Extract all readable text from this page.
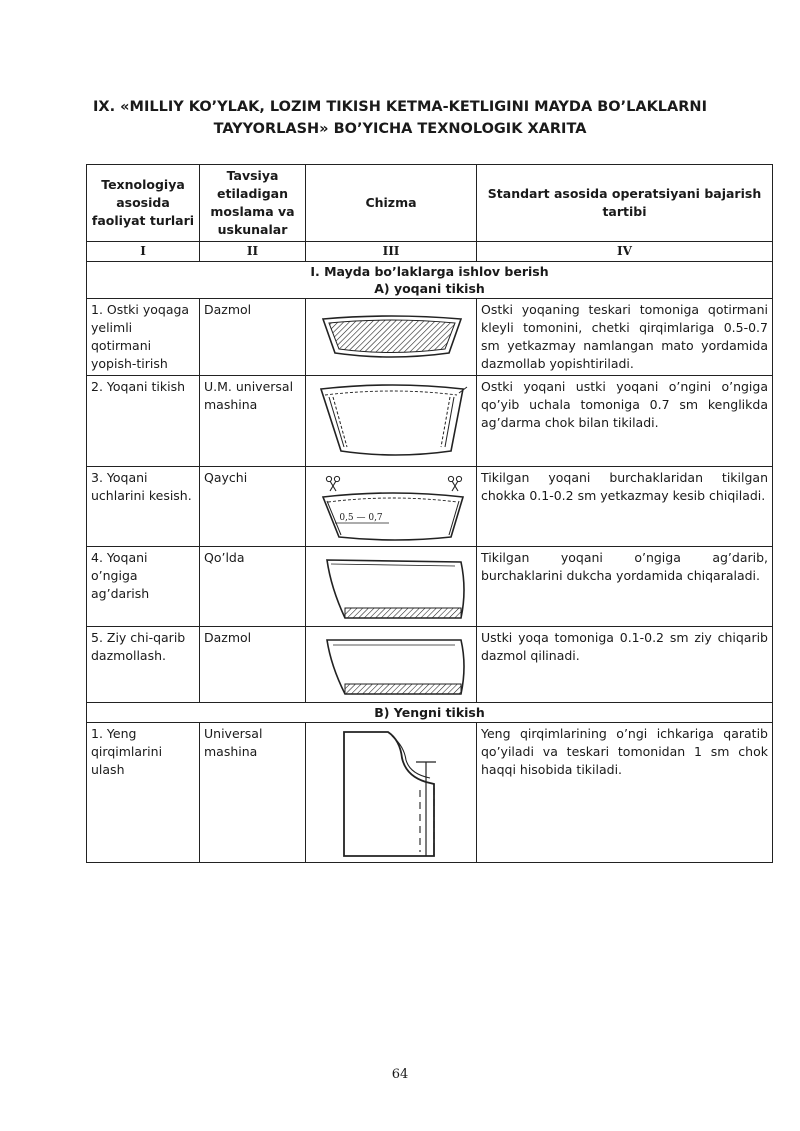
IX. «MILLIY KO’YLAK, LOZIM TIKISH KETMA-KETLIGINI MAYDA BO’LAKLARNI
TAYYORLASH» BO’YICHA TEXNOLOGIK XARITA
Texnologiya asosida faoliyat turlari	Tavsiya etiladigan moslama va uskunalar	Chizma	Standart asosida operatsiyani bajarish tartibi
I	II	III	IV

I. Mayda bo’laklarga ishlov berish
A) yoqani tikish			

1. Ostki yoqaga yelimli qotirmani yopish-tirish	Dazmol		Ostki yoqaning teskari tomoniga qotirmani kleyli tomonini, chetki qirqimlariga 0.5-0.7 sm yetkazmay namlangan mato yordamida dazmollab yopishtiriladi.
2. Yoqani tikish	U.M. universal mashina		Ostki yoqani ustki yoqani o’ngini o’ngiga qo’yib uchala tomoniga 0.7 sm kenglikda ag’darma chok bilan tikiladi.
3. Yoqani uchlarini kesish.	Qaychi	0,5 — 0,7	Tikilgan yoqani burchaklaridan tikilgan chokka 0.1-0.2 sm yetkazmay kesib chiqiladi.
4. Yoqani o’ngiga ag’darish	Qo’lda		Tikilgan yoqani o’ngiga ag’darib, burchaklarini dukcha yordamida chiqaraladi.
5. Ziy chi-qarib dazmollash.	Dazmol		Ustki yoqa tomoniga 0.1-0.2 sm ziy chiqarib dazmol qilinadi.
B) Yengni tikish			
1. Yeng qirqimlarini ulash	Universal mashina		Yeng qirqimlarining o’ngi ichkariga qaratib qo’yiladi va teskari tomonidan 1 sm chok haqqi hisobida tikiladi.
64
